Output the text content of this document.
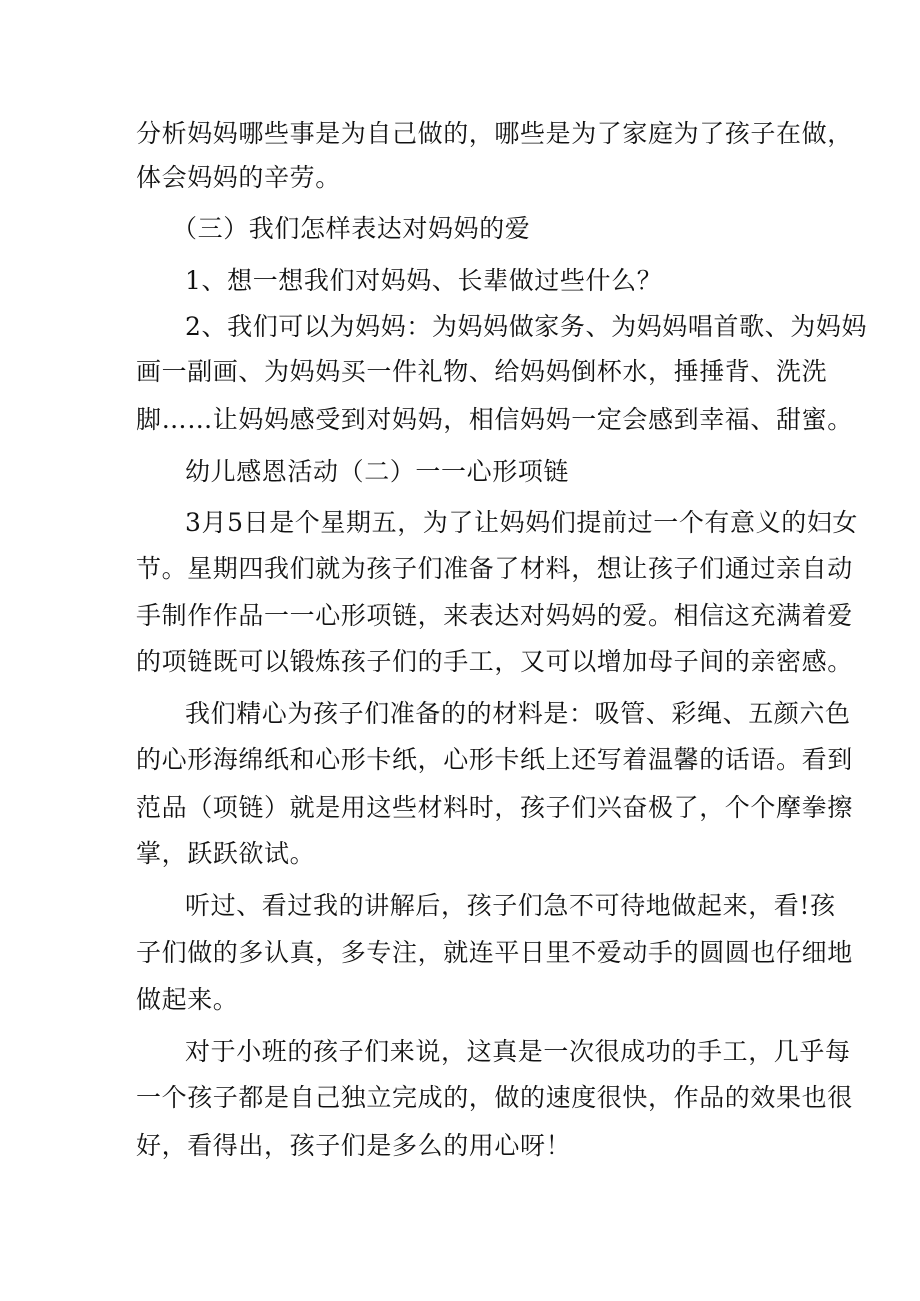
分析妈妈哪些事是为自己做的，哪些是为了家庭为了孩子在做，
体会妈妈的辛劳。
（三）我们怎样表达对妈妈的爱
1、想一想我们对妈妈、长辈做过些什么？
2、我们可以为妈妈：为妈妈做家务、为妈妈唱首歌、为妈妈
画一副画、为妈妈买一件礼物、给妈妈倒杯水，捶捶背、洗洗
脚……让妈妈感受到对妈妈，相信妈妈一定会感到幸福、甜蜜。
幼儿感恩活动（二）一一心形项链
3月5日是个星期五，为了让妈妈们提前过一个有意义的妇女
节。星期四我们就为孩子们准备了材料，想让孩子们通过亲自动
手制作作品一一心形项链，来表达对妈妈的爱。相信这充满着爱
的项链既可以锻炼孩子们的手工，又可以增加母子间的亲密感。
我们精心为孩子们准备的的材料是：吸管、彩绳、五颜六色
的心形海绵纸和心形卡纸，心形卡纸上还写着温馨的话语。看到
范品（项链）就是用这些材料时，孩子们兴奋极了，个个摩拳擦
掌，跃跃欲试。
听过、看过我的讲解后，孩子们急不可待地做起来，看!孩
子们做的多认真，多专注，就连平日里不爱动手的圆圆也仔细地
做起来。
对于小班的孩子们来说，这真是一次很成功的手工，几乎每
一个孩子都是自己独立完成的，做的速度很快，作品的效果也很
好，看得出，孩子们是多么的用心呀！
